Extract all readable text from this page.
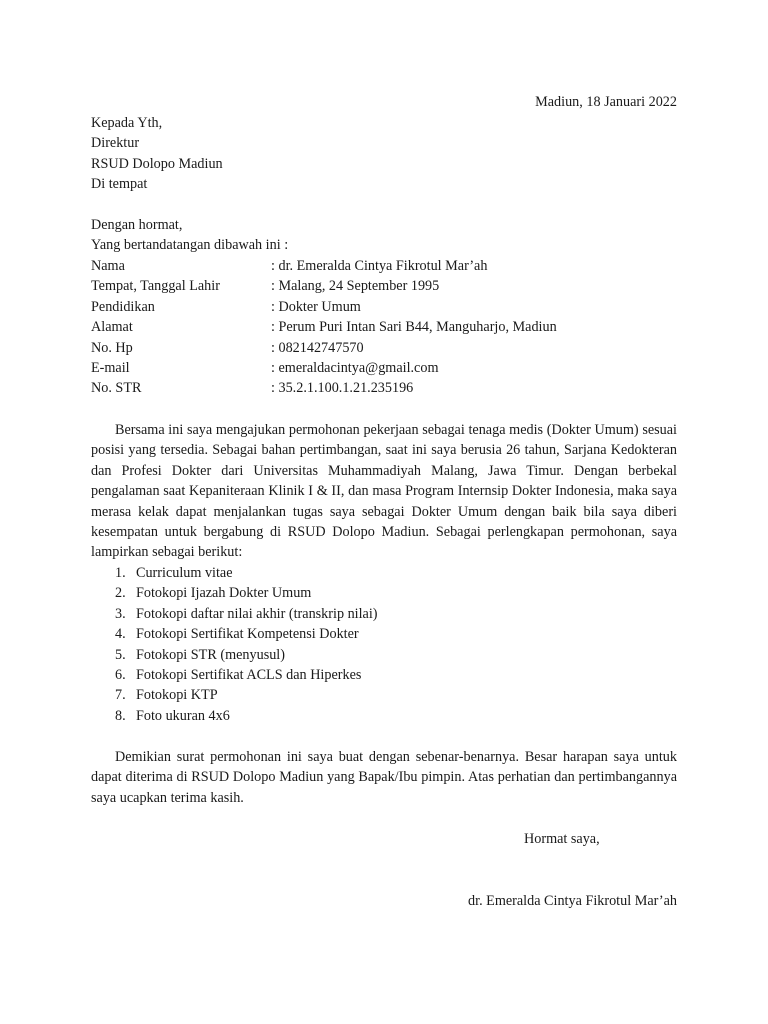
Madiun, 18 Januari 2022
Kepada Yth,
Direktur
RSUD Dolopo Madiun
Di tempat
Dengan hormat,
Yang bertandatangan dibawah ini :
Nama	: dr. Emeralda Cintya Fikrotul Mar’ah
Tempat, Tanggal Lahir	: Malang, 24 September 1995
Pendidikan	: Dokter Umum
Alamat	: Perum Puri Intan Sari B44, Manguharjo, Madiun
No. Hp	: 082142747570
E-mail	: emeraldacintya@gmail.com
No. STR	: 35.2.1.100.1.21.235196
Bersama ini saya mengajukan permohonan pekerjaan sebagai tenaga medis (Dokter Umum) sesuai posisi yang tersedia. Sebagai bahan pertimbangan, saat ini saya berusia 26 tahun, Sarjana Kedokteran dan Profesi Dokter dari Universitas Muhammadiyah Malang, Jawa Timur. Dengan berbekal pengalaman saat Kepaniteraan Klinik I & II, dan masa Program Internsip Dokter Indonesia, maka saya merasa kelak dapat menjalankan tugas saya sebagai Dokter Umum dengan baik bila saya diberi kesempatan untuk bergabung di RSUD Dolopo Madiun. Sebagai perlengkapan permohonan, saya lampirkan sebagai berikut:
1. Curriculum vitae
2. Fotokopi Ijazah Dokter Umum
3. Fotokopi daftar nilai akhir (transkrip nilai)
4. Fotokopi Sertifikat Kompetensi Dokter
5. Fotokopi STR (menyusul)
6. Fotokopi Sertifikat ACLS dan Hiperkes
7. Fotokopi KTP
8. Foto ukuran 4x6
Demikian surat permohonan ini saya buat dengan sebenar-benarnya. Besar harapan saya untuk dapat diterima di RSUD Dolopo Madiun yang Bapak/Ibu pimpin. Atas perhatian dan pertimbangannya saya ucapkan terima kasih.
Hormat saya,
dr. Emeralda Cintya Fikrotul Mar’ah
